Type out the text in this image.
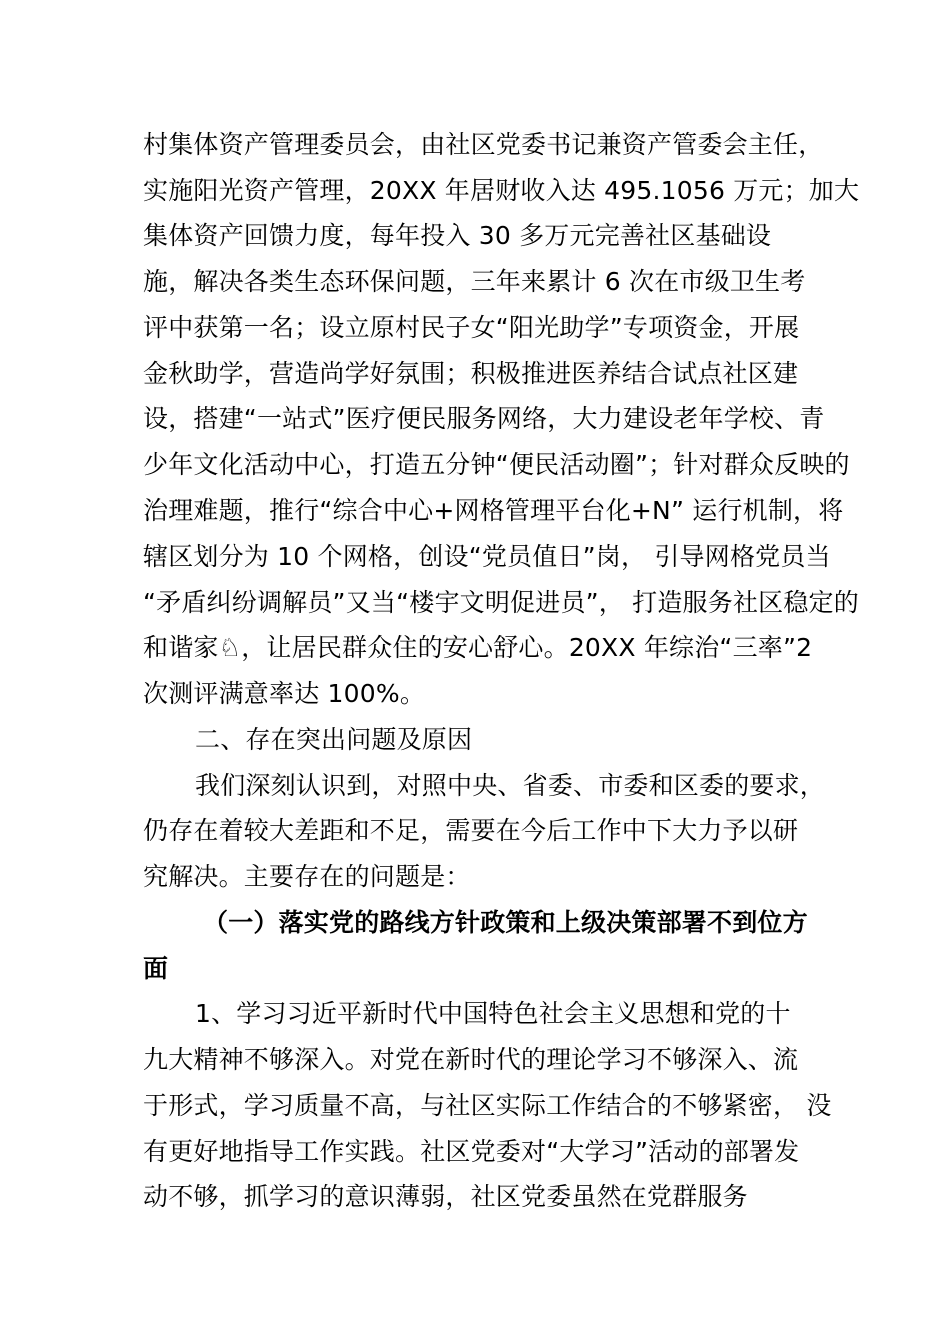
村集体资产管理委员会，由社区党委书记兼资产管委会主任，
实施阳光资产管理，20XX 年居财收入达 495.1056 万元；加大
集体资产回馈力度，每年投入 30 多万元完善社区基础设
施，解决各类生态环保问题，三年来累计 6 次在市级卫生考
评中获第一名；设立原村民子女“阳光助学”专项资金，开展
金秋助学，营造尚学好氛围；积极推进医养结合试点社区建
设，搭建“一站式”医疗便民服务网络，大力建设老年学校、青
少年文化活动中心，打造五分钟“便民活动圈”；针对群众反映的
治理难题，推行“综合中心+网格管理平台化+N” 运行机制，将
辖区划分为 10 个网格，创设“党员值日”岗， 引导网格党员当
“矛盾纠纷调解员”又当“楼宇文明促进员”， 打造服务社区稳定的
和谐家♘，让居民群众住的安心舒心。20XX 年综治“三率”2
次测评满意率达 100%。
二、存在突出问题及原因
我们深刻认识到，对照中央、省委、市委和区委的要求，
仍存在着较大差距和不足，需要在今后工作中下大力予以研
究解决。主要存在的问题是：
（一）落实党的路线方针政策和上级决策部署不到位方
面
1、学习习近平新时代中国特色社会主义思想和党的十
九大精神不够深入。对党在新时代的理论学习不够深入、流
于形式，学习质量不高，与社区实际工作结合的不够紧密， 没
有更好地指导工作实践。社区党委对“大学习”活动的部署发
动不够，抓学习的意识薄弱，社区党委虽然在党群服务
